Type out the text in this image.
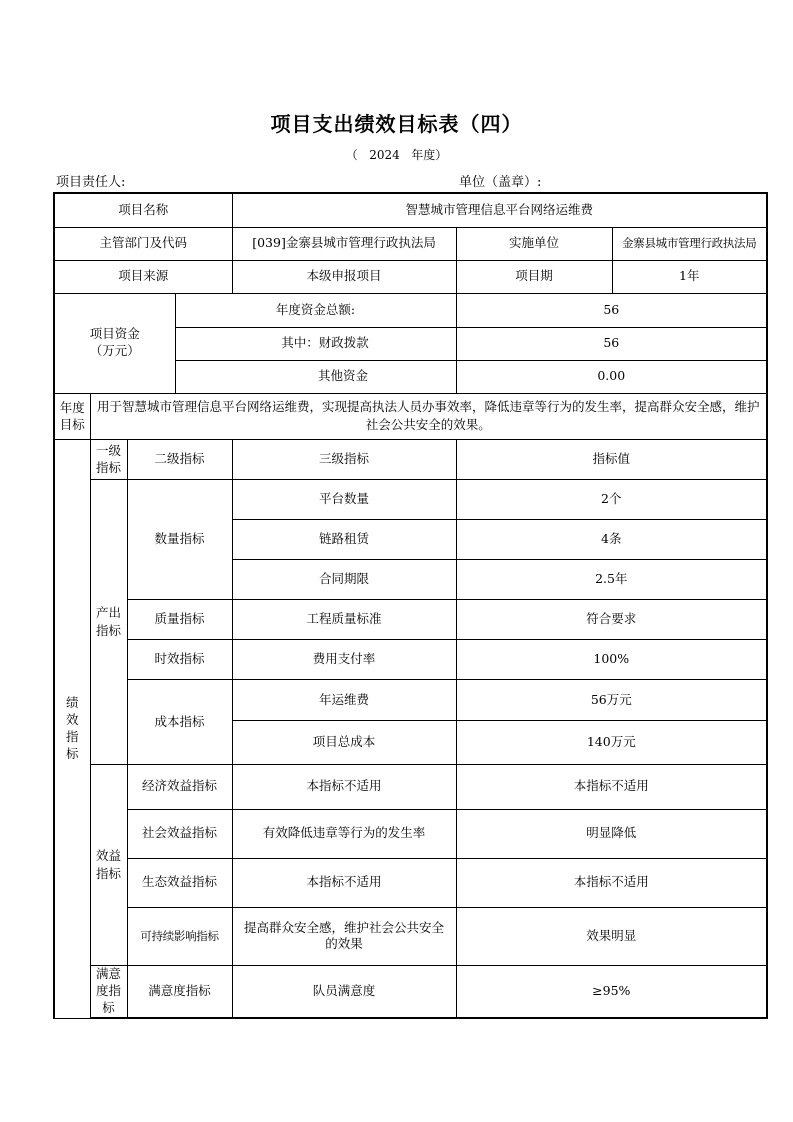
项目支出绩效目标表（四）
（   2024   年度）
项目责任人:	单位（盖章）:
项目名称				智慧城市管理信息平台网络运维费		
主管部门及代码				[039]金寨县城市管理行政执法局	实施单位	金寨县城市管理行政执法局
项目来源				本级申报项目	项目期	1年

项目资金
（万元）			年度资金总额:		56	
			其中：财政拨款		56	
			其他资金		0.00	
年度目标	用于智慧城市管理信息平台网络运维费，实现提高执法人员办事效率，降低违章等行为的发生率，提高群众安全感，维护社会公共安全的效果。					

绩
效
指
标	一级指标	二级指标		三级指标	指标值	
	产出指标	数量指标		平台数量	2个	
				链路租赁	4条	
				合同期限	2.5年	
		质量指标		工程质量标准	符合要求	
		时效指标		费用支付率	100%	
		成本指标		年运维费	56万元	
				项目总成本	140万元	
	效益指标	经济效益指标		本指标不适用	本指标不适用	
		社会效益指标		有效降低违章等行为的发生率	明显降低	
		生态效益指标		本指标不适用	本指标不适用	
		可持续影响指标		提高群众安全感，维护社会公共安全的效果	效果明显	
	满意度指标	满意度指标		队员满意度	≥95%	
